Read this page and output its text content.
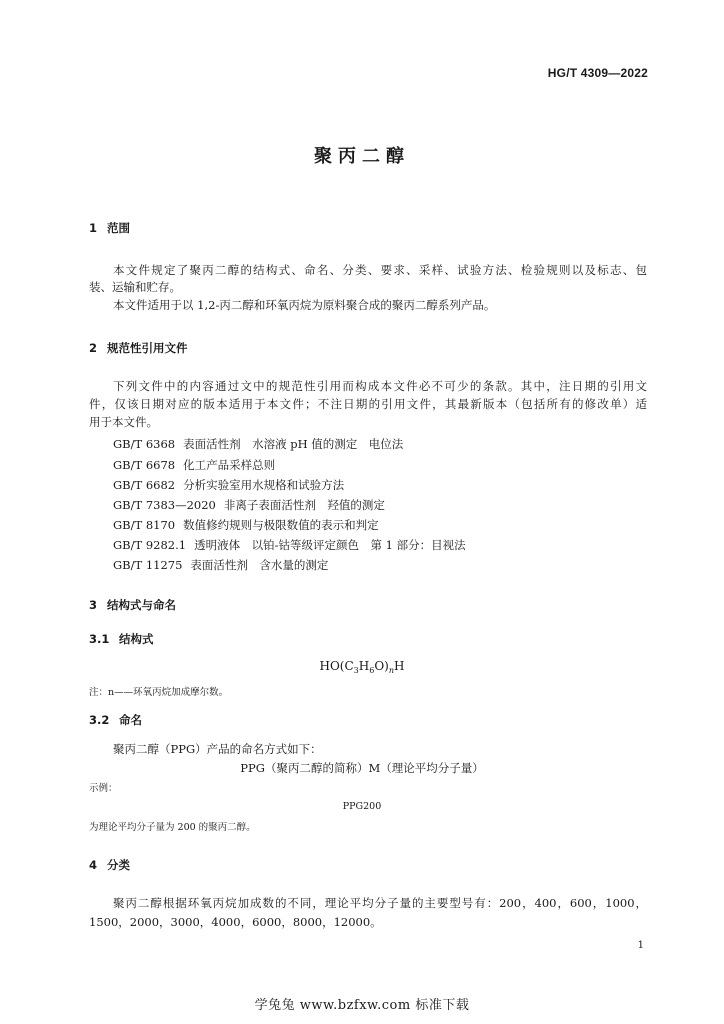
HG/T 4309—2022
聚丙二醇
1 范围
本文件规定了聚丙二醇的结构式、命名、分类、要求、采样、试验方法、检验规则以及标志、包
装、运输和贮存。
本文件适用于以 1,2-丙二醇和环氧丙烷为原料聚合成的聚丙二醇系列产品。
2 规范性引用文件
下列文件中的内容通过文中的规范性引用而构成本文件必不可少的条款。其中，注日期的引用文
件，仅该日期对应的版本适用于本文件；不注日期的引用文件，其最新版本（包括所有的修改单）适
用于本文件。
GB/T 6368 表面活性剂　水溶液 pH 值的测定　电位法
GB/T 6678 化工产品采样总则
GB/T 6682 分析实验室用水规格和试验方法
GB/T 7383—2020 非离子表面活性剂　羟值的测定
GB/T 8170 数值修约规则与极限数值的表示和判定
GB/T 9282.1 透明液体　以铂-钴等级评定颜色　第 1 部分：目视法
GB/T 11275 表面活性剂　含水量的测定
3 结构式与命名
3.1 结构式
$HO(C_3H_6O)_nH$
注：n——环氧丙烷加成摩尔数。
3.2 命名
聚丙二醇（PPG）产品的命名方式如下：
PPG（聚丙二醇的简称）M（理论平均分子量）
示例：
PPG200
为理论平均分子量为 200 的聚丙二醇。
4 分类
聚丙二醇根据环氧丙烷加成数的不同，理论平均分子量的主要型号有：200，400，600，1000，
1500，2000，3000，4000，6000，8000，12000。
1
学兔兔 www.bzfxw.com 标准下载
